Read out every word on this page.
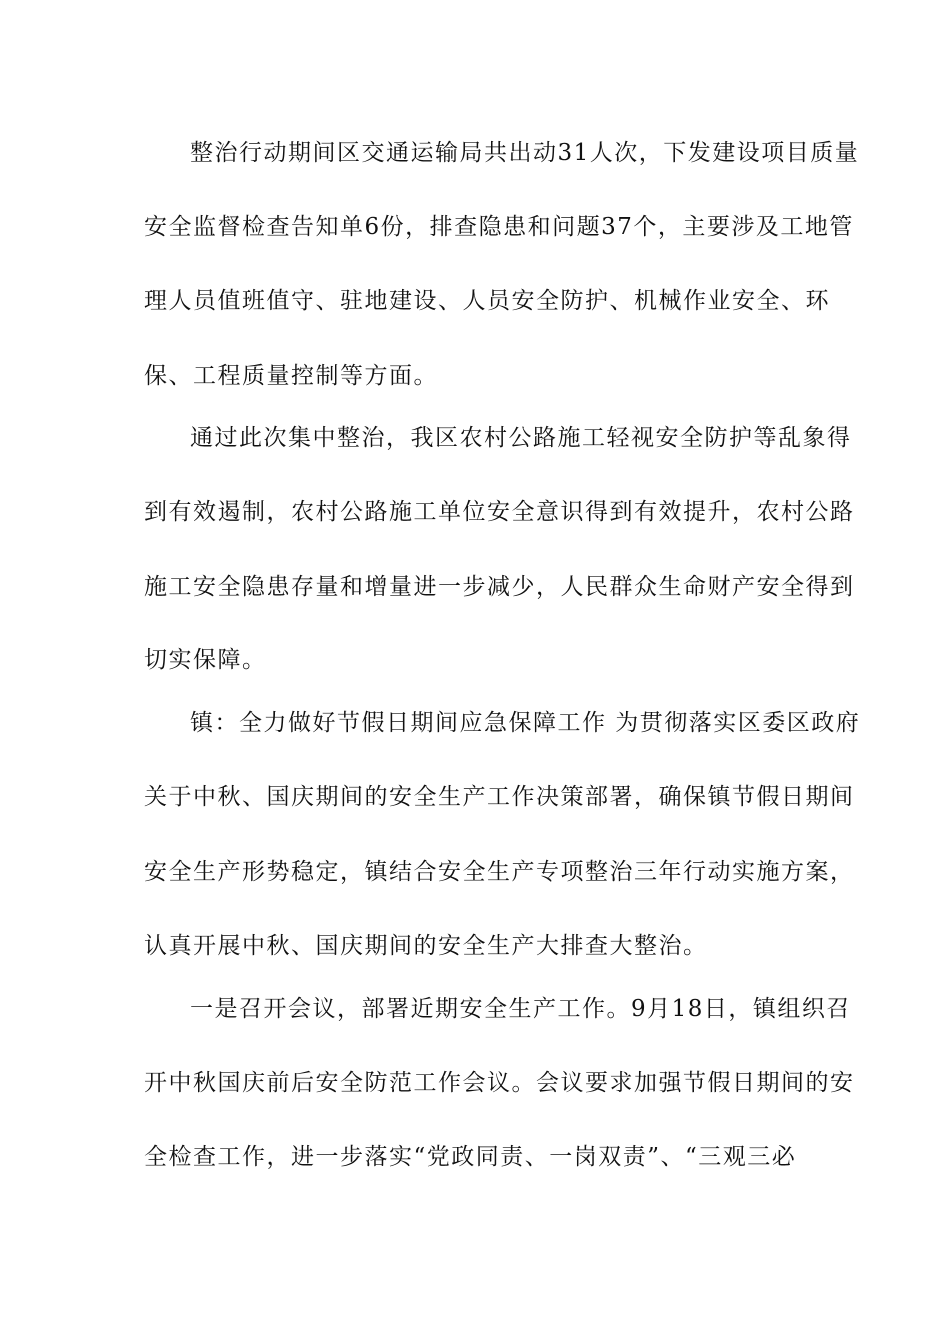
整治行动期间区交通运输局共出动31人次，下发建设项目质量
安全监督检查告知单6份，排查隐患和问题37个，主要涉及工地管
理人员值班值守、驻地建设、人员安全防护、机械作业安全、环
保、工程质量控制等方面。
通过此次集中整治，我区农村公路施工轻视安全防护等乱象得
到有效遏制，农村公路施工单位安全意识得到有效提升，农村公路
施工安全隐患存量和增量进一步减少，人民群众生命财产安全得到
切实保障。
镇：全力做好节假日期间应急保障工作 为贯彻落实区委区政府
关于中秋、国庆期间的安全生产工作决策部署，确保镇节假日期间
安全生产形势稳定，镇结合安全生产专项整治三年行动实施方案，
认真开展中秋、国庆期间的安全生产大排查大整治。
一是召开会议，部署近期安全生产工作。9月18日，镇组织召
开中秋国庆前后安全防范工作会议。会议要求加强节假日期间的安
全检查工作，进一步落实“党政同责、一岗双责”、“三观三必
